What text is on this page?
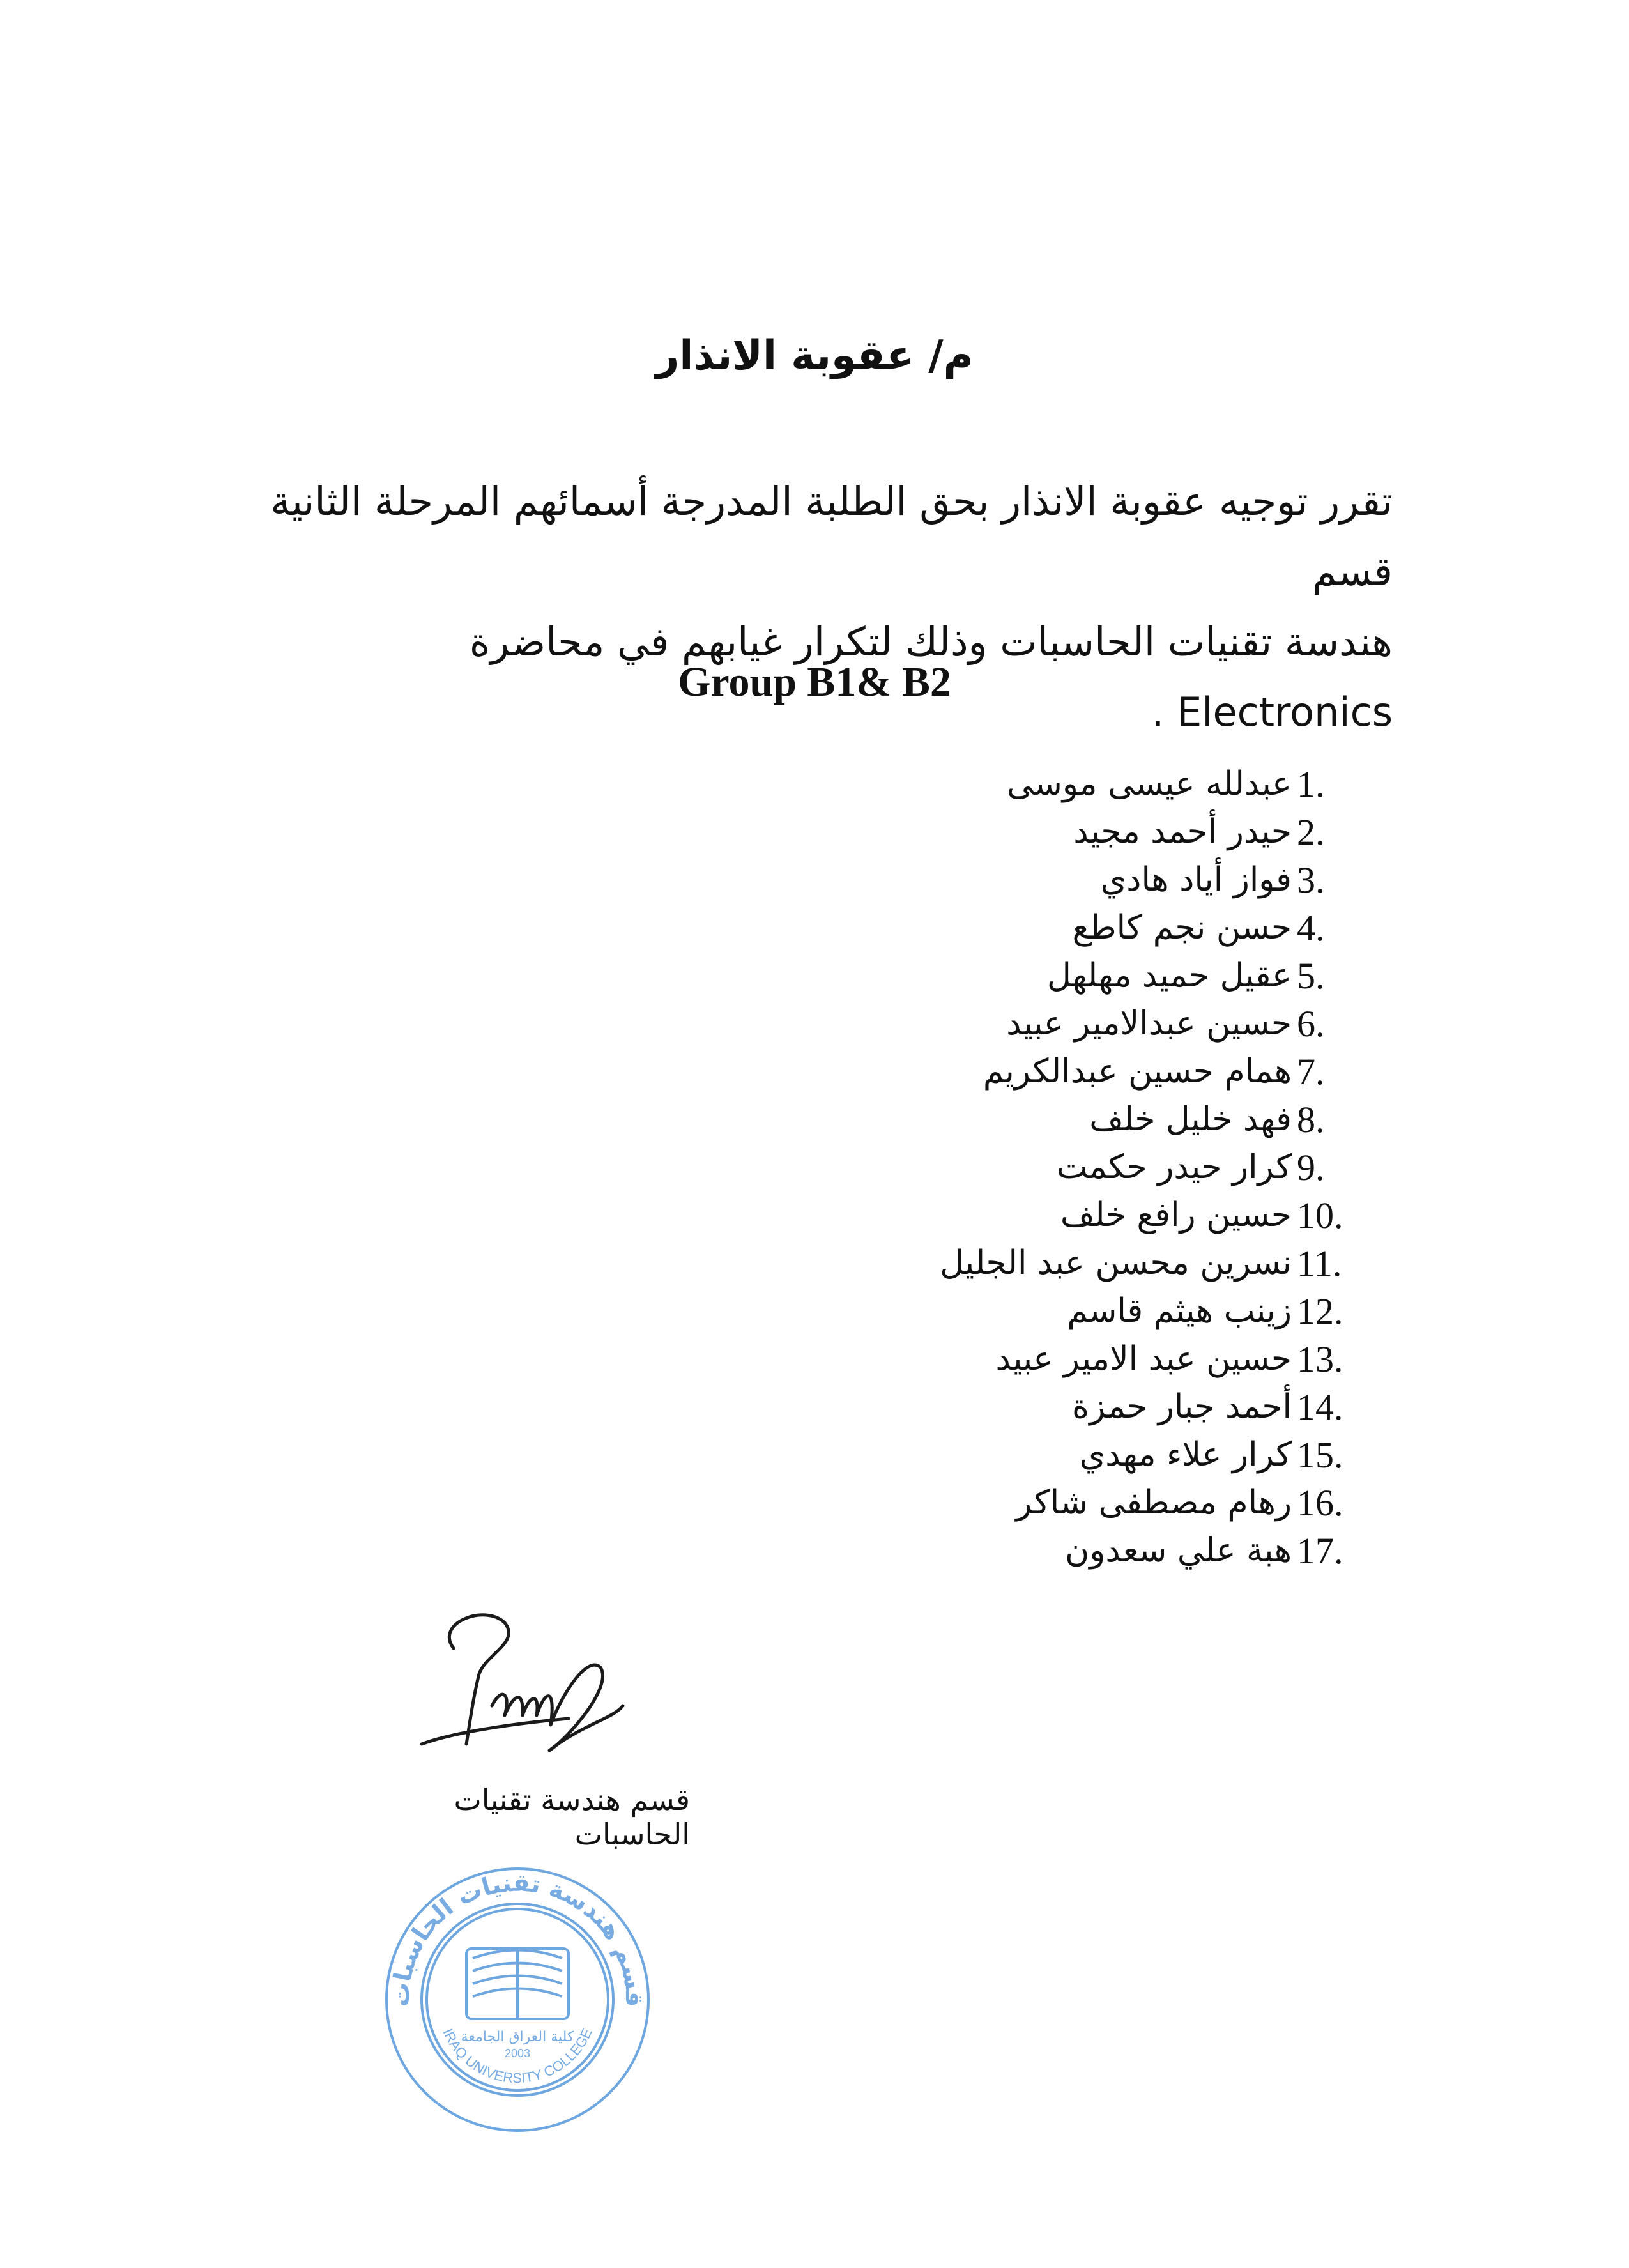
م/ عقوبة الانذار
تقرر توجيه عقوبة الانذار بحق الطلبة المدرجة أسمائهم المرحلة الثانية قسم
هندسة تقنيات الحاسبات وذلك لتكرار غيابهم في محاضرة Electronics .
Group B1& B2
عبدلله عيسى موسى 1.
حيدر أحمد مجيد 2.
فواز أياد هادي 3.
حسن نجم كاطع 4.
عقيل حميد مهلهل 5.
حسين عبدالامير عبيد 6.
همام حسين عبدالكريم 7.
فهد خليل خلف 8.
كرار حيدر حكمت 9.
حسين رافع خلف 10.
نسرين محسن عبد الجليل 11.
زينب هيثم قاسم 12.
حسين عبد الامير عبيد 13.
أحمد جبار حمزة 14.
كرار علاء مهدي 15.
رهام مصطفى شاكر 16.
هبة علي سعدون 17.
قسم هندسة تقنيات الحاسبات
قسم هندسة تقنيات الحاسبات
IRAQ UNIVERSITY COLLEGE
كلية العراق الجامعة
2003
